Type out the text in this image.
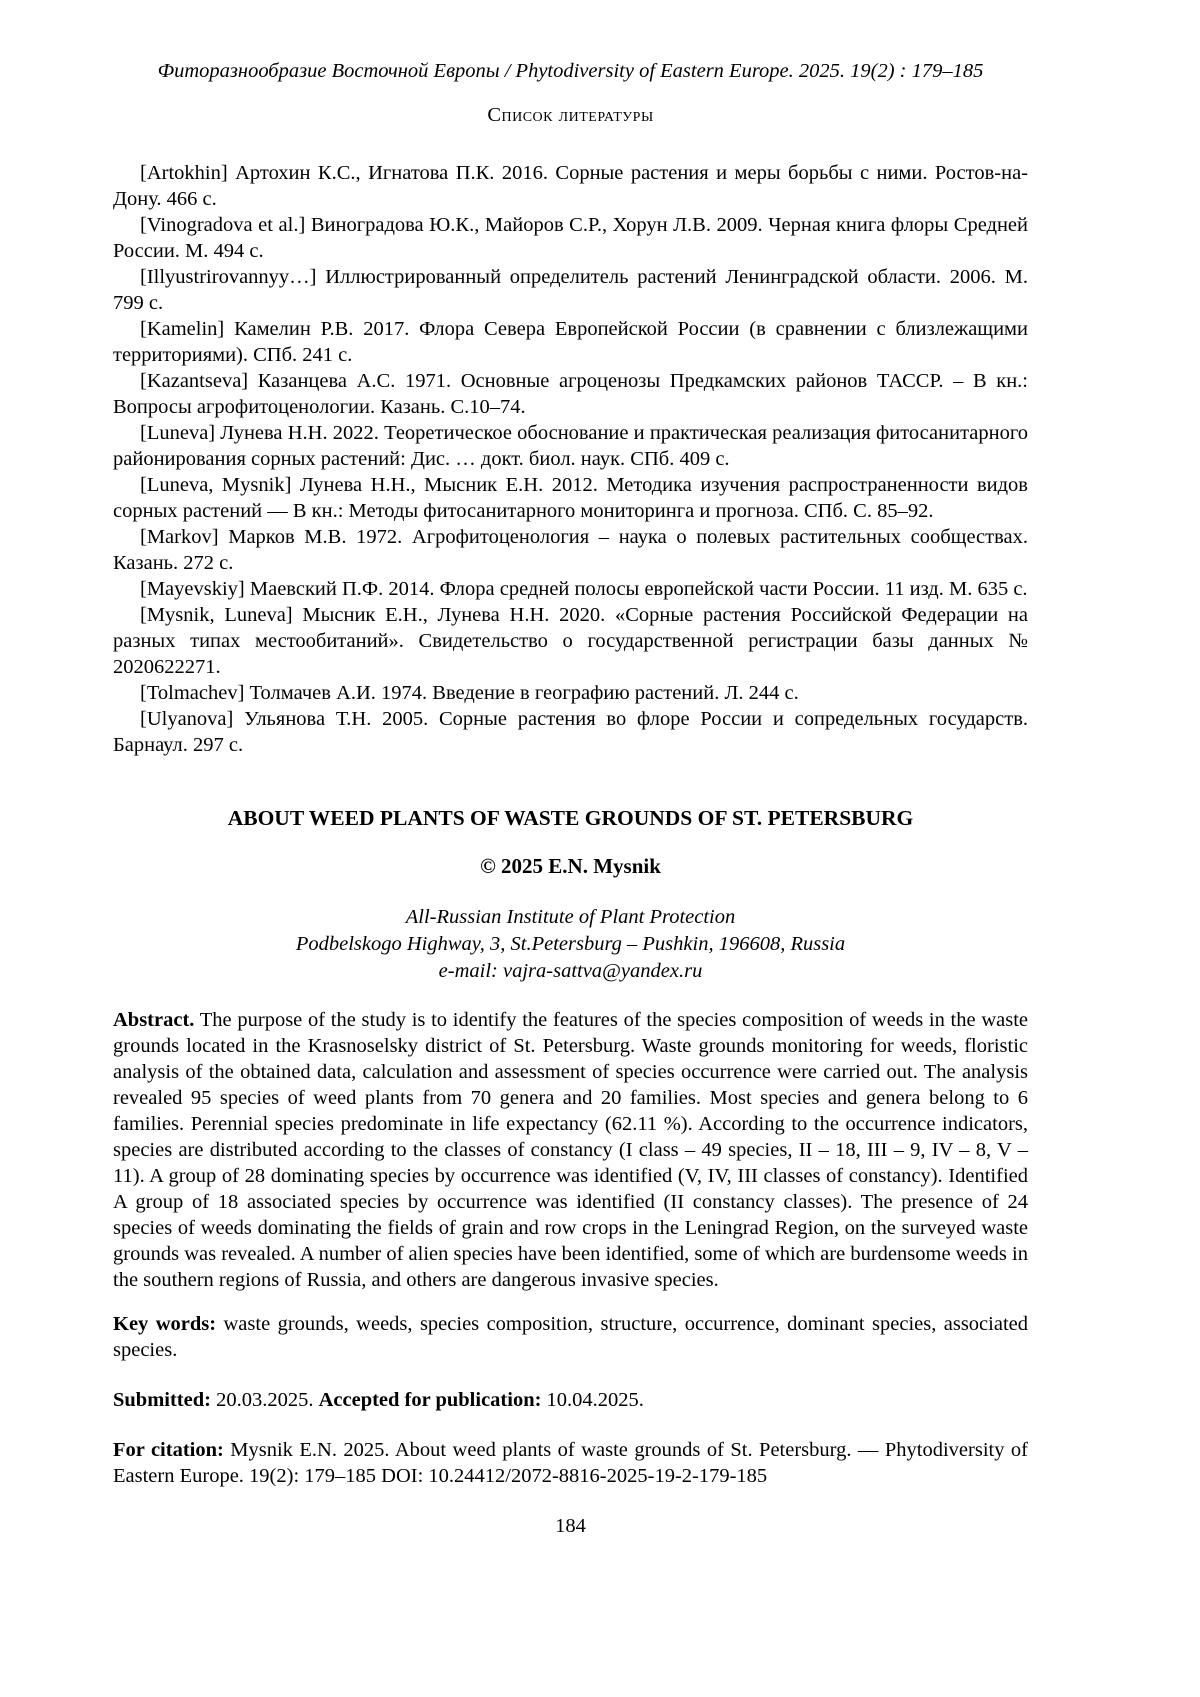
Фиторазнообразие Восточной Европы / Phytodiversity of Eastern Europe. 2025. 19(2) : 179–185
Список литературы

[Artokhin] Артохин К.С., Игнатова П.К. 2016. Сорные растения и меры борьбы с ними. Ростов-на-Дону. 466 с.

[Vinogradova et al.] Виноградова Ю.К., Майоров С.Р., Хорун Л.В. 2009. Черная книга флоры Средней России. М. 494 с.

[Illyustrirovannyy…] Иллюстрированный определитель растений Ленинградской области. 2006. М. 799 с.

[Kamelin] Камелин Р.В. 2017. Флора Севера Европейской России (в сравнении с близлежащими территориями). СПб. 241 с.

[Kazantseva] Казанцева А.С. 1971. Основные агроценозы Предкамских районов ТАССР. – В кн.: Вопросы агрофитоценологии. Казань. С.10–74.

[Luneva] Лунева Н.Н. 2022. Теоретическое обоснование и практическая реализация фитосанитарного районирования сорных растений: Дис. … докт. биол. наук. СПб. 409 с.

[Luneva, Mysnik] Лунева Н.Н., Мысник Е.Н. 2012. Методика изучения распространенности видов сорных растений — В кн.: Методы фитосанитарного мониторинга и прогноза. СПб. С. 85–92.

[Markov] Марков М.В. 1972. Агрофитоценология – наука о полевых растительных сообществах. Казань. 272 с.

[Mayevskiy] Маевский П.Ф. 2014. Флора средней полосы европейской части России. 11 изд. М. 635 с.

[Mysnik, Luneva] Мысник Е.Н., Лунева Н.Н. 2020. «Сорные растения Российской Федерации на разных типах местообитаний». Свидетельство о государственной регистрации базы данных № 2020622271.

[Tolmachev] Толмачев А.И. 1974. Введение в географию растений. Л. 244 с.

[Ulyanova] Ульянова Т.Н. 2005. Сорные растения во флоре России и сопредельных государств. Барнаул. 297 с.

ABOUT WEED PLANTS OF WASTE GROUNDS OF ST. PETERSBURG
© 2025 E.N. Mysnik
All-Russian Institute of Plant Protection
Podbelskogo Highway, 3, St.Petersburg – Pushkin, 196608, Russia
e-mail: vajra-sattva@yandex.ru

Abstract. The purpose of the study is to identify the features of the species composition of weeds in the waste grounds located in the Krasnoselsky district of St. Petersburg. Waste grounds monitoring for weeds, floristic analysis of the obtained data, calculation and assessment of species occurrence were carried out. The analysis revealed 95 species of weed plants from 70 genera and 20 families. Most species and genera belong to 6 families. Perennial species predominate in life expectancy (62.11 %). According to the occurrence indicators, species are distributed according to the classes of constancy (I class – 49 species, II – 18, III – 9, IV – 8, V – 11). A group of 28 dominating species by occurrence was identified (V, IV, III classes of constancy). Identified A group of 18 associated species by occurrence was identified (II constancy classes). The presence of 24 species of weeds dominating the fields of grain and row crops in the Leningrad Region, on the surveyed waste grounds was revealed. A number of alien species have been identified, some of which are burdensome weeds in the southern regions of Russia, and others are dangerous invasive species.

Key words: waste grounds, weeds, species composition, structure, occurrence, dominant species, associated species.

Submitted: 20.03.2025. Accepted for publication: 10.04.2025.

For citation: Mysnik E.N. 2025. About weed plants of waste grounds of St. Petersburg. — Phytodiversity of Eastern Europe. 19(2): 179–185 DOI: 10.24412/2072-8816-2025-19-2-179-185

184
